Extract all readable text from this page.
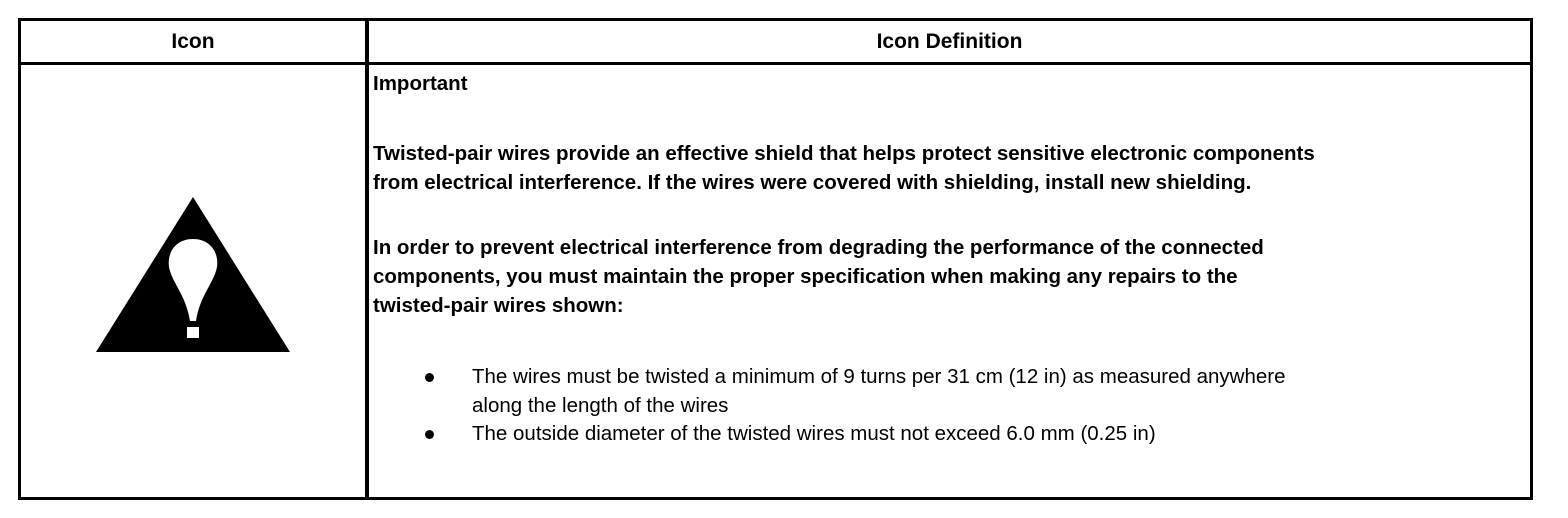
Icon	Icon Definition
Important
Twisted-pair wires provide an effective shield that helps protect sensitive electronic components
from electrical interference. If the wires were covered with shielding, install new shielding.
In order to prevent electrical interference from degrading the performance of the connected
components, you must maintain the proper specification when making any repairs to the
twisted-pair wires shown:
The wires must be twisted a minimum of 9 turns per 31 cm (12 in) as measured anywhere
along the length of the wires
The outside diameter of the twisted wires must not exceed 6.0 mm (0.25 in)
